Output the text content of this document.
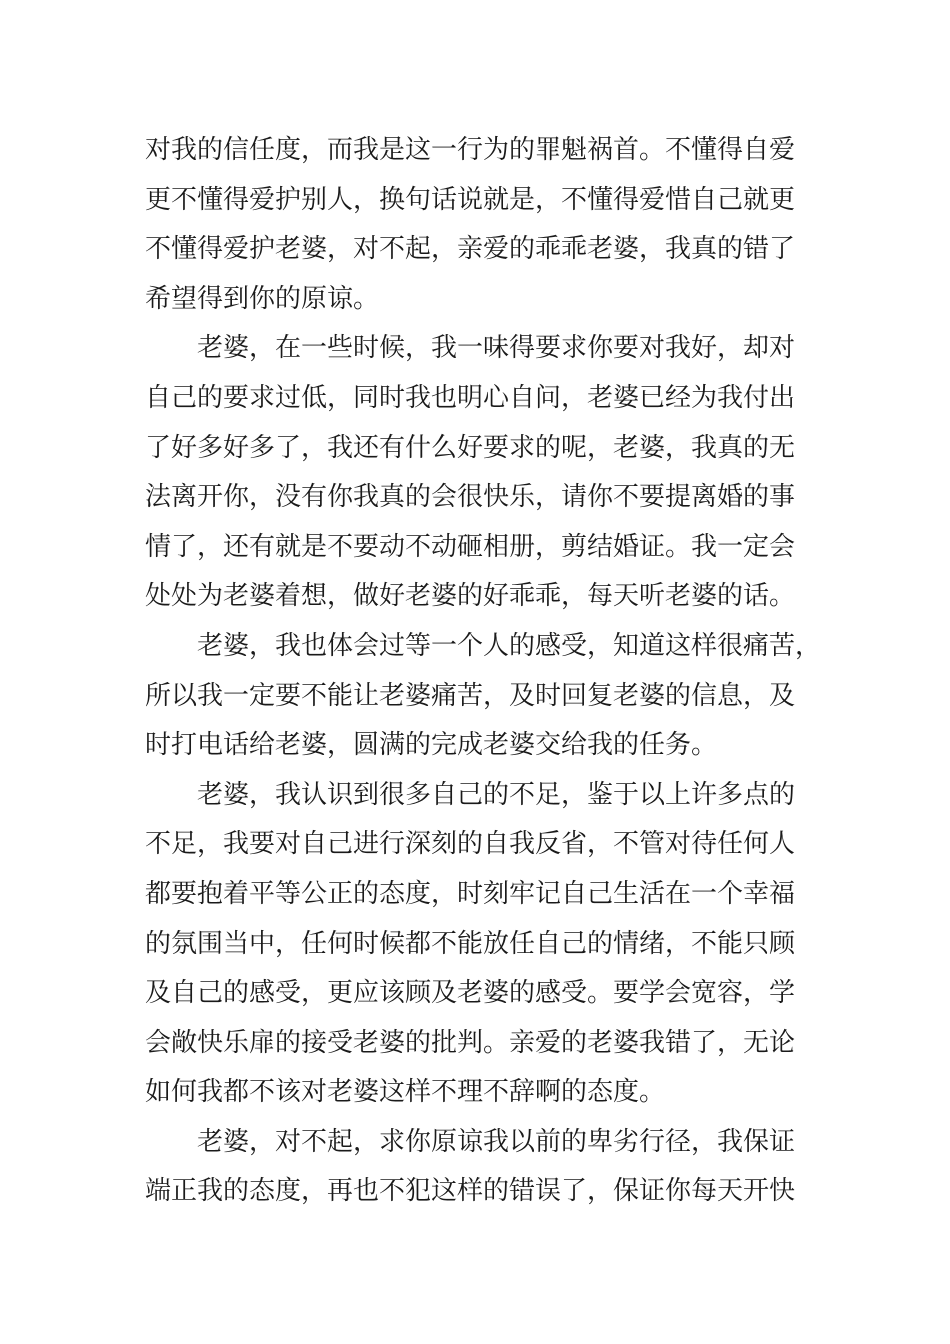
对我的信任度，而我是这一行为的罪魁祸首。不懂得自爱
更不懂得爱护别人，换句话说就是，不懂得爱惜自己就更
不懂得爱护老婆，对不起，亲爱的乖乖老婆，我真的错了
希望得到你的原谅。
　　老婆，在一些时候，我一味得要求你要对我好，却对
自己的要求过低，同时我也明心自问，老婆已经为我付出
了好多好多了，我还有什么好要求的呢，老婆，我真的无
法离开你，没有你我真的会很快乐，请你不要提离婚的事
情了，还有就是不要动不动砸相册，剪结婚证。我一定会
处处为老婆着想，做好老婆的好乖乖，每天听老婆的话。
　　老婆，我也体会过等一个人的感受，知道这样很痛苦，
所以我一定要不能让老婆痛苦，及时回复老婆的信息，及
时打电话给老婆，圆满的完成老婆交给我的任务。
　　老婆，我认识到很多自己的不足，鉴于以上许多点的
不足，我要对自己进行深刻的自我反省，不管对待任何人
都要抱着平等公正的态度，时刻牢记自己生活在一个幸福
的氛围当中，任何时候都不能放任自己的情绪，不能只顾
及自己的感受，更应该顾及老婆的感受。要学会宽容，学
会敞快乐扉的接受老婆的批判。亲爱的老婆我错了，无论
如何我都不该对老婆这样不理不辞啊的态度。
　　老婆，对不起，求你原谅我以前的卑劣行径，我保证
端正我的态度，再也不犯这样的错误了，保证你每天开快
